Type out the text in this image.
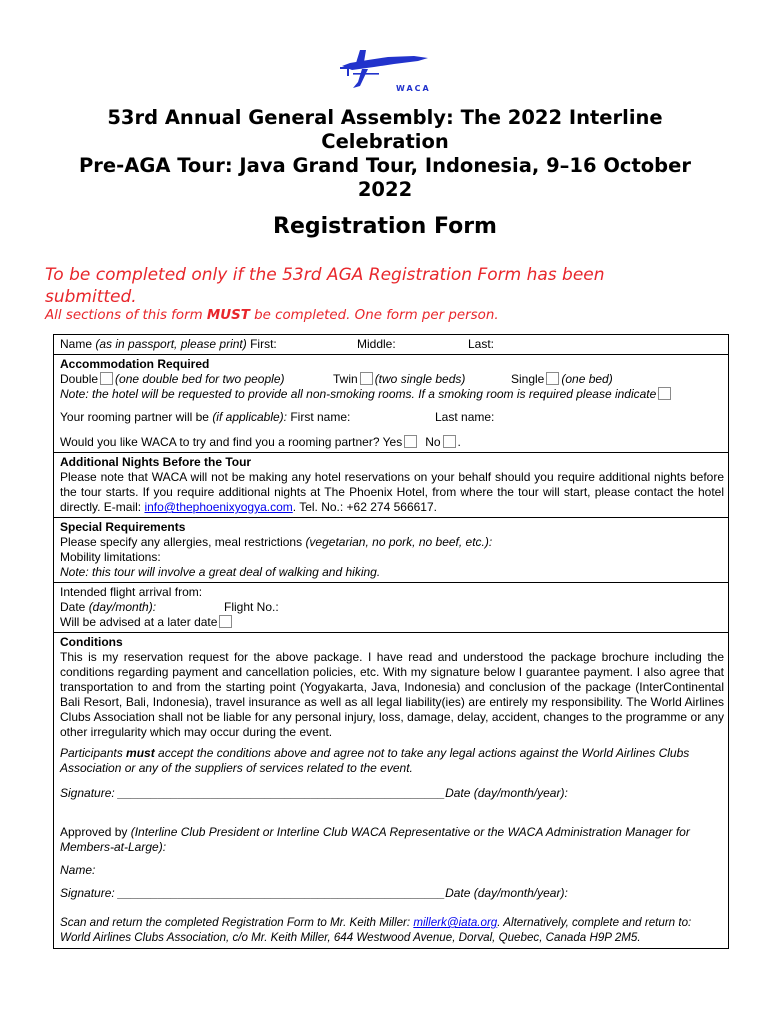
WACA
53rd Annual General Assembly: The 2022 Interline
Celebration
Pre-AGA Tour: Java Grand Tour, Indonesia, 9–16 October
2022
Registration Form
To be completed only if the 53rd AGA Registration Form has been
submitted.
All sections of this form MUST be completed. One form per person.
Name (as in passport, please print) First:	Middle:	Last:
Accommodation Required
Double (one double bed for two people)	Twin (two single beds)	Single (one bed)
Note: the hotel will be requested to provide all non-smoking rooms. If a smoking room is required please indicate
Your rooming partner will be (if applicable): First name:	Last name:
Would you like WACA to try and find you a rooming partner? Yes No .
Additional Nights Before the Tour
Please note that WACA will not be making any hotel reservations on your behalf should you require additional nights before the tour starts. If you require additional nights at The Phoenix Hotel, from where the tour will start, please contact the hotel directly. E-mail: info@thephoenixyogya.com. Tel. No.: +62 274 566617.
Special Requirements
Please specify any allergies, meal restrictions (vegetarian, no pork, no beef, etc.):
Mobility limitations:
Note: this tour will involve a great deal of walking and hiking.
Intended flight arrival from:
Date (day/month):	Flight No.:
Will be advised at a later date
Conditions
This is my reservation request for the above package. I have read and understood the package brochure including the conditions regarding payment and cancellation policies, etc. With my signature below I guarantee payment. I also agree that transportation to and from the starting point (Yogyakarta, Java, Indonesia) and conclusion of the package (InterContinental Bali Resort, Bali, Indonesia), travel insurance as well as all legal liability(ies) are entirely my responsibility. The World Airlines Clubs Association shall not be liable for any personal injury, loss, damage, delay, accident, changes to the programme or any other irregularity which may occur during the event.
Participants must accept the conditions above and agree not to take any legal actions against the World Airlines Clubs Association or any of the suppliers of services related to the event.
Signature: _________________________________________________Date (day/month/year):
Approved by (Interline Club President or Interline Club WACA Representative or the WACA Administration Manager for Members-at-Large):
Name:
Signature: _________________________________________________Date (day/month/year):
Scan and return the completed Registration Form to Mr. Keith Miller: millerk@iata.org. Alternatively, complete and return to:
World Airlines Clubs Association, c/o Mr. Keith Miller, 644 Westwood Avenue, Dorval, Quebec, Canada H9P 2M5.
